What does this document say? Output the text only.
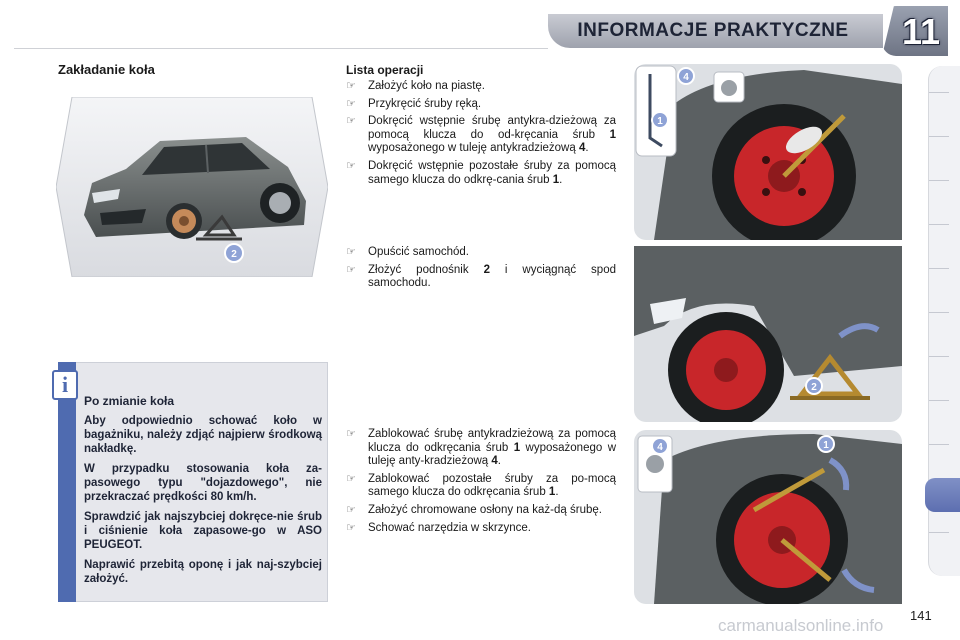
INFORMACJE PRAKTYCZNE	11
Zakładanie koła
2
i

Po zmianie koła

Aby odpowiednio schować koło w bagażniku, należy zdjąć najpierw środkową nakładkę.

W przypadku stosowania koła za-pasowego typu "dojazdowego", nie przekraczać prędkości 80 km/h.

Sprawdzić jak najszybciej dokręce-nie śrub i ciśnienie koła zapasowe-go w ASO PEUGEOT.

Naprawić przebitą oponę i jak naj-szybciej założyć.

Lista operacji
☞ Założyć koło na piastę.
☞ Przykręcić śruby ręką.
☞ Dokręcić wstępnie śrubę antykra-dzieżową za pomocą klucza do od-kręcania śrub 1 wyposażonego w tuleję antykradzieżową 4.
☞ Dokręcić wstępnie pozostałe śruby za pomocą samego klucza do odkrę-cania śrub 1.
☞ Opuścić samochód.
☞ Złożyć podnośnik 2 i wyciągnąć spod samochodu.
☞ Zablokować śrubę antykradzieżową za pomocą klucza do odkręcania śrub 1 wyposażonego w tuleję anty-kradzieżową 4.
☞ Zablokować pozostałe śruby za po-mocą samego klucza do odkręcania śrub 1.
☞ Założyć chromowane osłony na każ-dą śrubę.
☞ Schować narzędzia w skrzynce.
4
1
2
4	1
141
carmanualsonline.info
